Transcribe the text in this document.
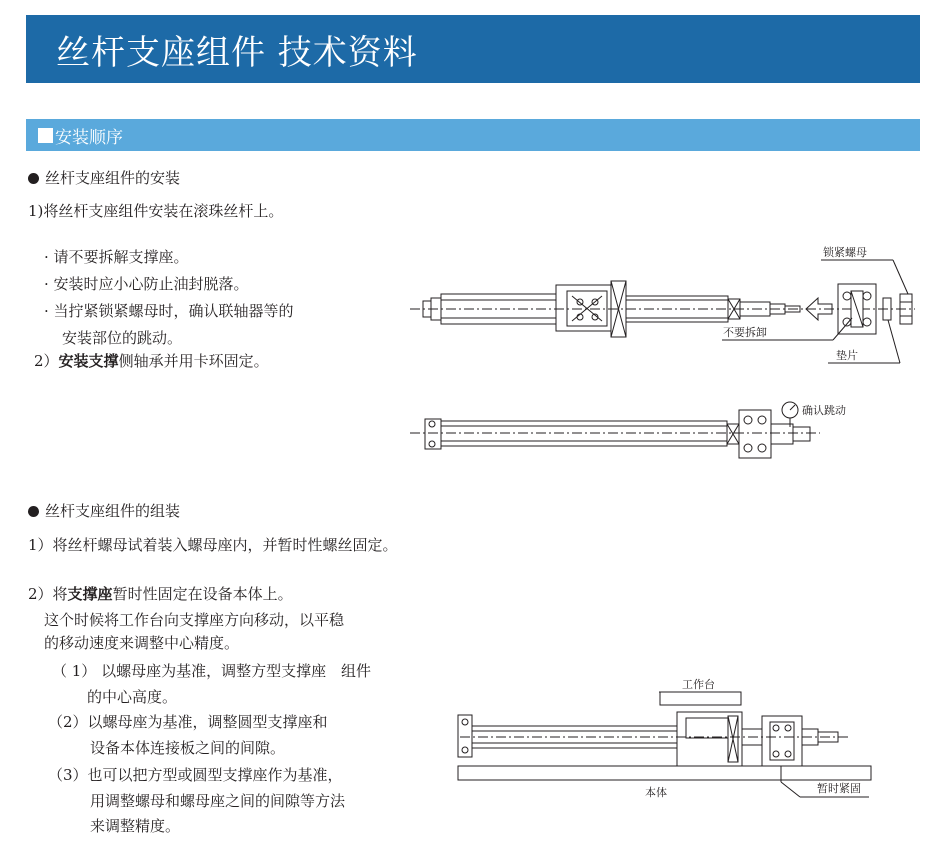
丝杆支座组件 技术资料
安装顺序
丝杆支座组件的安装
1)将丝杆支座组件安装在滚珠丝杆上。
· 请不要拆解支撑座。
· 安装时应小心防止油封脱落。
· 当拧紧锁紧螺母时，确认联轴器等的
安装部位的跳动。
2）安装支撑侧轴承并用卡环固定。
丝杆支座组件的组装
1）将丝杆螺母试着装入螺母座内，并暂时性螺丝固定。
2）将支撑座暂时性固定在设备本体上。
这个时候将工作台向支撑座方向移动，以平稳
的移动速度来调整中心精度。
（ 1） 以螺母座为基准，调整方型支撑座 组件
的中心高度。
（2）以螺母座为基准，调整圆型支撑座和
设备本体连接板之间的间隙。
（3）也可以把方型或圆型支撑座作为基准，
用调整螺母和螺母座之间的间隙等方法
来调整精度。
锁紧螺母
不要拆卸
垫片
确认跳动
工作台
本体	暂时紧固
